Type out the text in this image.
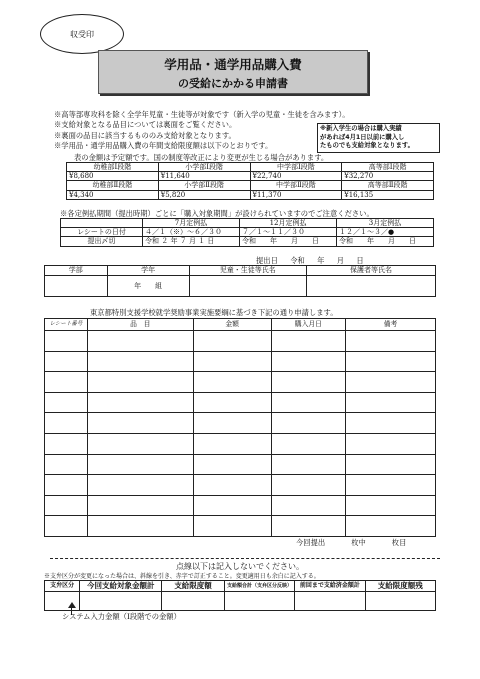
収受印
学用品・通学用品購入費
の受給にかかる申請書
※高等部専攻科を除く全学年児童・生徒等が対象です（新入学の児童・生徒を含みます）。
※支給対象となる品目については裏面をご覧ください。
※裏面の品目に該当するもののみ支給対象となります。
※学用品・通学用品購入費の年間支給限度額は以下のとおりです。
※新入学生の場合は購入実績
があれば4月1日以前に購入し
たものでも支給対象となります。
表の金額は予定額です。国の制度等改正により変更が生じる場合があります。
幼稚部Ⅰ段階	小学部Ⅰ段階	中学部Ⅰ段階	高等部Ⅰ段階
¥8,680	¥11,640	¥22,740	¥32,270
幼稚部Ⅱ段階	小学部Ⅱ段階	中学部Ⅱ段階	高等部Ⅱ段階
¥4,340	¥5,820	¥11,370	¥16,135
※各定例払期間（提出時期）ごとに「購入対象期間」が設けられていますのでご注意ください。
	7月定例払	12月定例払	3月定例払
レシートの日付	４／１（※）～６／３０	７／１～１１／３０	１２／１～３／●
提出〆切	令和 ２ 年 ７ 月 １ 日	令和　　年　　月　　日	令和　　年　　月　　日
提出日 令和 年 月 日
学部	学年	児童・生徒等氏名	保護者等氏名
	年　　組		
東京都特別支援学校就学奨励事業実施要綱に基づき下記の通り申請します。
レシート番号	品　目	金額	購入月日	備考

今回提出	枚中	枚目
点線以下は記入しないでください。
※支弁区分が変更になった場合は、斜線を引き、赤字で訂正すること。変更適用日も余白に記入する。
支弁区分	今回支給対象金額計	支給限度額	支給額合計（支弁区分反映）	前回まで支給済金額計	支給限度額残

システム入力金額（Ⅰ段階での金額）
